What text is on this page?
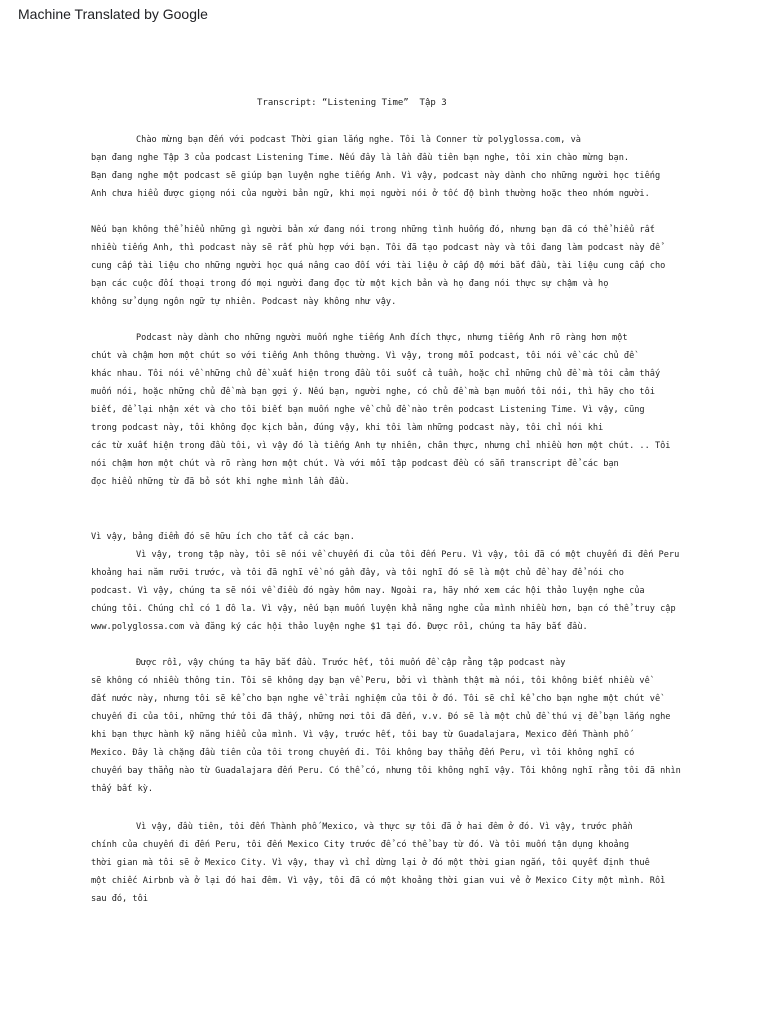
Machine Translated by Google
Transcript: “Listening Time”  Tập 3
Chào mừng bạn đến với podcast Thời gian lắng nghe. Tôi là Conner từ polyglossa.com, và
bạn đang nghe Tập 3 của podcast Listening Time. Nếu đây là lần đầu tiên bạn nghe, tôi xin chào mừng bạn.
Bạn đang nghe một podcast sẽ giúp bạn luyện nghe tiếng Anh. Vì vậy, podcast này dành cho những người học tiếng
Anh chưa hiểu được giọng nói của người bản ngữ, khi mọi người nói ở tốc độ bình thường hoặc theo nhóm người.
Nếu bạn không thể hiểu những gì người bản xứ đang nói trong những tình huống đó, nhưng bạn đã có thể hiểu rất
nhiều tiếng Anh, thì podcast này sẽ rất phù hợp với bạn. Tôi đã tạo podcast này và tôi đang làm podcast này để
cung cấp tài liệu cho những người học quá nâng cao đối với tài liệu ở cấp độ mới bắt đầu, tài liệu cung cấp cho
bạn các cuộc đối thoại trong đó mọi người đang đọc từ một kịch bản và họ đang nói thực sự chậm và họ
không sử dụng ngôn ngữ tự nhiên. Podcast này không như vậy.
Podcast này dành cho những người muốn nghe tiếng Anh đích thực, nhưng tiếng Anh rõ ràng hơn một
chút và chậm hơn một chút so với tiếng Anh thông thường. Vì vậy, trong mỗi podcast, tôi nói về các chủ đề
khác nhau. Tôi nói về những chủ đề xuất hiện trong đầu tôi suốt cả tuần, hoặc chỉ những chủ đề mà tôi cảm thấy
muốn nói, hoặc những chủ đề mà bạn gợi ý. Nếu bạn, người nghe, có chủ đề mà bạn muốn tôi nói, thì hãy cho tôi
biết, để lại nhận xét và cho tôi biết bạn muốn nghe về chủ đề nào trên podcast Listening Time. Vì vậy, cũng
trong podcast này, tôi không đọc kịch bản, đúng vậy, khi tôi làm những podcast này, tôi chỉ nói khi
các từ xuất hiện trong đầu tôi, vì vậy đó là tiếng Anh tự nhiên, chân thực, nhưng chỉ nhiều hơn một chút. .. Tôi
nói chậm hơn một chút và rõ ràng hơn một chút. Và với mỗi tập podcast đều có sẵn transcript để các bạn
đọc hiểu những từ đã bỏ sót khi nghe mình lần đầu.
Vì vậy, bảng điểm đó sẽ hữu ích cho tất cả các bạn.
Vì vậy, trong tập này, tôi sẽ nói về chuyến đi của tôi đến Peru. Vì vậy, tôi đã có một chuyến đi đến Peru
khoảng hai năm rưỡi trước, và tôi đã nghĩ về nó gần đây, và tôi nghĩ đó sẽ là một chủ đề hay để nói cho
podcast. Vì vậy, chúng ta sẽ nói về điều đó ngày hôm nay. Ngoài ra, hãy nhớ xem các hội thảo luyện nghe của
chúng tôi. Chúng chỉ có 1 đô la. Vì vậy, nếu bạn muốn luyện khả năng nghe của mình nhiều hơn, bạn có thể truy cập
www.polyglossa.com và đăng ký các hội thảo luyện nghe $1 tại đó. Được rồi, chúng ta hãy bắt đầu.
Được rồi, vậy chúng ta hãy bắt đầu. Trước hết, tôi muốn đề cập rằng tập podcast này
sẽ không có nhiều thông tin. Tôi sẽ không dạy bạn về Peru, bởi vì thành thật mà nói, tôi không biết nhiều về
đất nước này, nhưng tôi sẽ kể cho bạn nghe về trải nghiệm của tôi ở đó. Tôi sẽ chỉ kể cho bạn nghe một chút về
chuyến đi của tôi, những thứ tôi đã thấy, những nơi tôi đã đến, v.v. Đó sẽ là một chủ đề thú vị để bạn lắng nghe
khi bạn thực hành kỹ năng hiểu của mình. Vì vậy, trước hết, tôi bay từ Guadalajara, Mexico đến Thành phố
Mexico. Đây là chặng đầu tiên của tôi trong chuyến đi. Tôi không bay thẳng đến Peru, vì tôi không nghĩ có
chuyến bay thẳng nào từ Guadalajara đến Peru. Có thể có, nhưng tôi không nghĩ vậy. Tôi không nghĩ rằng tôi đã nhìn
thấy bất kỳ.
Vì vậy, đầu tiên, tôi đến Thành phố Mexico, và thực sự tôi đã ở hai đêm ở đó. Vì vậy, trước phần
chính của chuyến đi đến Peru, tôi đến Mexico City trước để có thể bay từ đó. Và tôi muốn tận dụng khoảng
thời gian mà tôi sẽ ở Mexico City. Vì vậy, thay vì chỉ dừng lại ở đó một thời gian ngắn, tôi quyết định thuê
một chiếc Airbnb và ở lại đó hai đêm. Vì vậy, tôi đã có một khoảng thời gian vui vẻ ở Mexico City một mình. Rồi
sau đó, tôi
